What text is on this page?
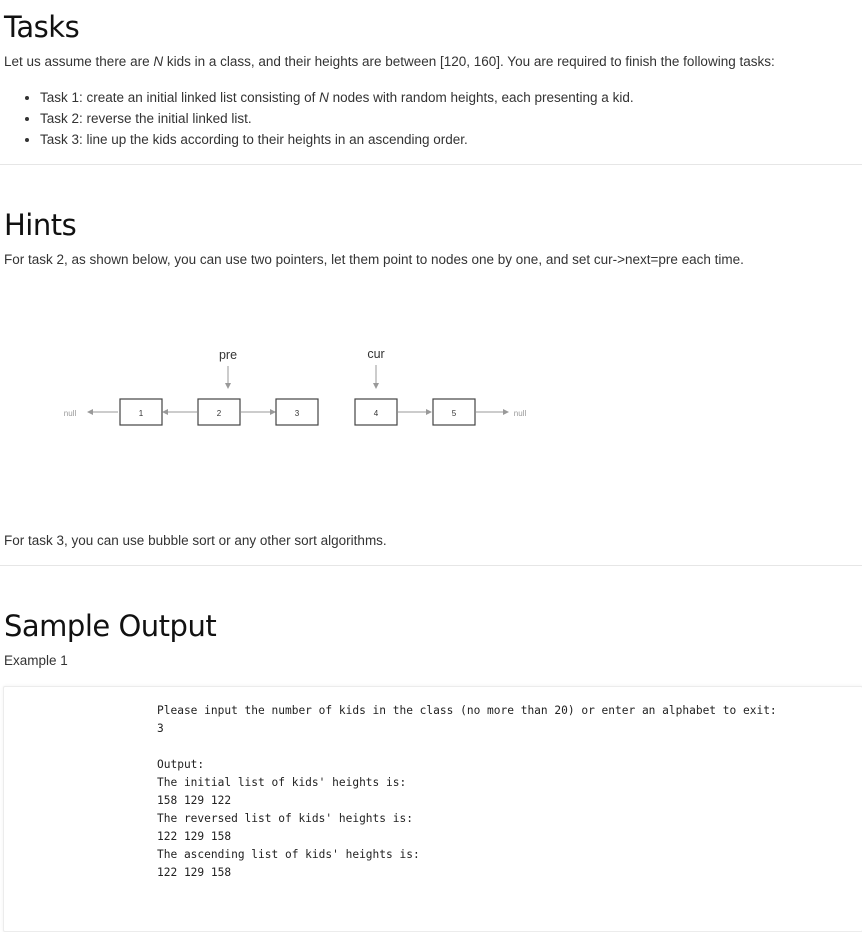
Tasks

Let us assume there are N kids in a class, and their heights are between [120, 160]. You are required to finish the following tasks:

• Task 1: create an initial linked list consisting of N nodes with random heights, each presenting a kid.
• Task 2: reverse the initial linked list.
• Task 3: line up the kids according to their heights in an ascending order.
Hints

For task 2, as shown below, you can use two pointers, let them point to nodes one by one, and set cur->next=pre each time.

pre	cur
null	1	2	3	4	5	null

For task 3, you can use bubble sort or any other sort algorithms.

Sample Output

Example 1

Please input the number of kids in the class (no more than 20) or enter an alphabet to exit:
3

Output:
The initial list of kids' heights is:
158 129 122
The reversed list of kids' heights is:
122 129 158
The ascending list of kids' heights is:
122 129 158
